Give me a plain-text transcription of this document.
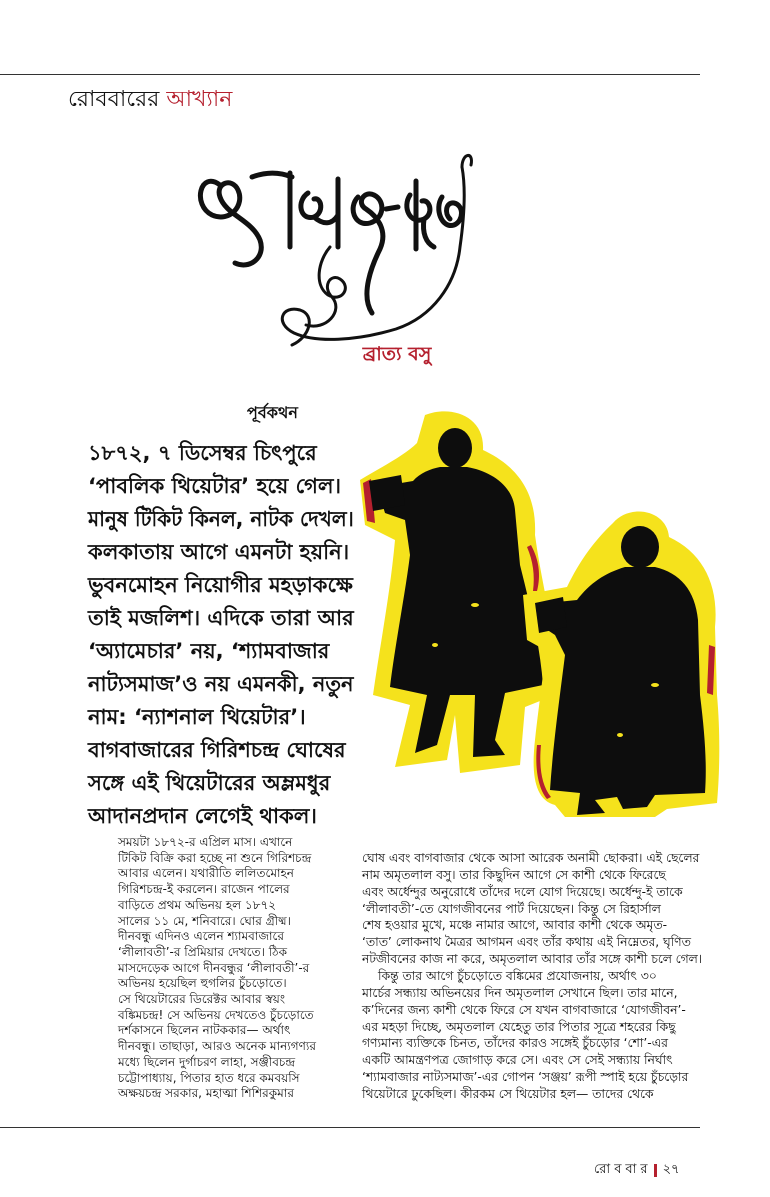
রোববারের আখ্যান
ব্রাত্য বসু
পূর্বকথন
১৮৭২, ৭ ডিসেম্বর চিৎপুরে
‘পাবলিক থিয়েটার’ হয়ে গেল।
মানুষ টিকিট কিনল, নাটক দেখল।
কলকাতায় আগে এমনটা হয়নি।
ভুবনমোহন নিয়োগীর মহড়াকক্ষে
তাই মজলিশ। এদিকে তারা আর
‘অ্যামেচার’ নয়, ‘শ্যামবাজার
নাট্যসমাজ’ও নয় এমনকী, নতুন
নাম: ‘ন্যাশনাল থিয়েটার’।
বাগবাজারের গিরিশচন্দ্র ঘোষের
সঙ্গে এই থিয়েটারের অম্লমধুর
আদানপ্রদান লেগেই থাকল।
সময়টা ১৮৭২-র এপ্রিল মাস। এখানে
টিকিট বিক্রি করা হচ্ছে না শুনে গিরিশচন্দ্র
আবার এলেন। যথারীতি ললিতমোহন
গিরিশচন্দ্র-ই করলেন। রাজেন পালের
বাড়িতে প্রথম অভিনয় হল ১৮৭২
সালের ১১ মে, শনিবারে। ঘোর গ্রীষ্ম।
দীনবন্ধু এদিনও এলেন শ্যামবাজারে
‘লীলাবতী’-র প্রিমিয়ার দেখতে। ঠিক
মাসদেড়েক আগে দীনবন্ধুর ‘লীলাবতী’-র
অভিনয় হয়েছিল হুগলির চুঁচড়োতে।
সে থিয়েটারের ডিরেক্টর আবার স্বয়ং
বঙ্কিমচন্দ্র! সে অভিনয় দেখতেও চুঁচড়োতে
দর্শকাসনে ছিলেন নাটককার— অর্থাৎ
দীনবন্ধু। তাছাড়া, আরও অনেক মান্যগণ্যর
মধ্যে ছিলেন দুর্গাচরণ লাহা, সঞ্জীবচন্দ্র
চট্টোপাধ্যায়, পিতার হাত ধরে কমবয়সি
অক্ষয়চন্দ্র সরকার, মহাত্মা শিশিরকুমার
ঘোষ এবং বাগবাজার থেকে আসা আরেক অনামী ছোকরা। এই ছেলের
নাম অমৃতলাল বসু। তার কিছুদিন আগে সে কাশী থেকে ফিরেছে
এবং অর্ধেন্দুর অনুরোধে তাঁদের দলে যোগ দিয়েছে। অর্ধেন্দু-ই তাকে
‘লীলাবতী’-তে যোগজীবনের পার্ট দিয়েছেন। কিন্তু সে রিহার্সাল
শেষ হওয়ার মুখে, মঞ্চে নামার আগে, আবার কাশী থেকে অমৃত-
‘তাত’ লোকনাথ মৈত্রর আগমন এবং তাঁর কথায় এই নিম্নেতর, ঘৃণিত
নটজীবনের কাজ না করে, অমৃতলাল আবার তাঁর সঙ্গে কাশী চলে গেল।
কিন্তু তার আগে চুঁচড়োতে বঙ্কিমের প্রযোজনায়, অর্থাৎ ৩০
মার্চের সন্ধ্যায় অভিনয়ের দিন অমৃতলাল সেখানে ছিল। তার মানে,
ক’দিনের জন্য কাশী থেকে ফিরে সে যখন বাগবাজারে ‘যোগজীবন’-
এর মহড়া দিচ্ছে, অমৃতলাল যেহেতু তার পিতার সূত্রে শহরের কিছু
গণ্যমান্য ব্যক্তিকে চিনত, তাঁদের কারও সঙ্গেই চুঁচড়োর ‘শো’-এর
একটি আমন্ত্রণপত্র জোগাড় করে সে। এবং সে সেই সন্ধ্যায় নির্ঘাৎ
‘শ্যামবাজার নাট্যসমাজ’-এর গোপন ‘সঞ্জয়’ রূপী স্পাই হয়ে চুঁচড়োর
থিয়েটারে ঢুকেছিল। কীরকম সে থিয়েটার হল— তাদের থেকে
রোববার ২৭
